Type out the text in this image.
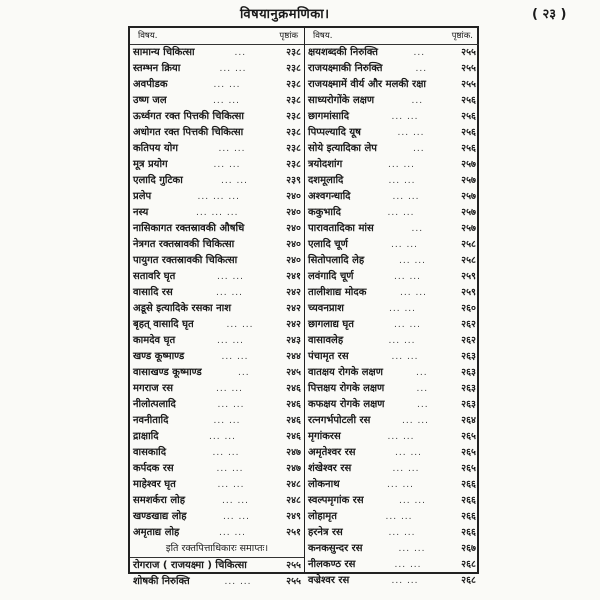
विषयानुक्रमणिका।	( २३ )
विषय.	पृष्ठांक
सामान्य चिकित्सा	...	२३८
स्तम्भन क्रिया	... ...	२३८
अवपीडक	... ...	२३८
उष्ण जल	... ...	२३८
ऊर्ध्वगत रक्त पित्तकी चिकित्सा	२३८
अधोगत रक्त पित्तकी चिकित्सा	२३८
कतिपय योग	... ...	२३८
मूत्र प्रयोग	... ...	२३८
एलादि गुटिका	... ...	२३९
प्रलेप	... ... ...	२४०
नस्य	... ... ...	२४०
नासिकागत रक्तस्रावकी औषधि	२४०
नेत्रगत रक्तस्रावकी चिकित्सा	२४०
पायुगत रक्तस्रावकी चिकित्सा	२४०
सतावरि घृत	... ...	२४१
वासादि रस	... ...	२४२
अडूसे इत्यादिके रसका नाश	२४२
बृहत् वासादि घृत	... ...	२४२
कामदेव घृत	... ...	२४३
खण्ड कूष्माण्ड	... ...	२४४
वासाखण्ड कूष्माण्ड	...	२४५
मगराज रस	... ...	२४६
नीलोत्पलादि	... ...	२४६
नवनीतादि	... ...	२४६
द्राक्षादि	... ...	२४६
वासकादि	... ...	२४७
कर्पदक रस	... ...	२४७
माहेश्वर घृत	... ...	२४८
समशर्करा लोह	... ...	२४८
खण्डखाद्य लोह	... ...	२४९
अमृताद्य लोह	... ...	२५१
इति रक्तपित्ताधिकारः समाप्तः।
रोगराज ( राजयक्ष्मा ) चिकित्सा	२५५
शोषकी निरुक्ति	... ...	२५५
विषय.	पृष्ठांक.
क्षयशब्दकी निरुक्ति	...	२५५
राजयक्ष्माकी निरुक्ति	...	२५५
राजयक्ष्मामें वीर्य और मलकी रक्षा	२५५
साध्यरोगोंके लक्षण	...	२५६
छागमांसादि	... ...	२५६
पिप्पल्यादि यूष	... ...	२५६
सोये इत्यादिका लेप	...	२५६
त्रयोदशांग	... ...	२५७
दशमूलादि	... ...	२५७
अश्वगन्धादि	... ...	२५७
ककुभादि	... ...	२५७
पारावतादिका मांस	...	२५७
एलादि चूर्ण	... ...	२५८
सितोपलादि लेह	... ...	२५८
लवंगादि चूर्ण	... ...	२५९
तालीशाद्य मोदक	... ...	२५९
च्यवनप्राश	... ...	२६०
छागलाद्य घृत	... ...	२६२
वासावलेह	... ...	२६२
पंचामृत रस	... ...	२६३
वातक्षय रोगके लक्षण	...	२६३
पित्तक्षय रोगके लक्षण	...	२६३
कफक्षय रोगके लक्षण	...	२६३
रत्नगर्भपोटली रस	... ...	२६४
मृगांकरस	... ...	२६५
अमृतेश्वर रस	... ...	२६५
शंखेश्वर रस	... ...	२६५
लोकनाथ	... ...	२६६
स्वल्पमृगांक रस	... ...	२६६
लोहामृत	... ...	२६६
हरनेत्र रस	... ...	२६६
कनकसुन्दर रस	... ...	२६७
नीलकण्ठ रस	... ...	२६८
वज्रेश्वर रस	... ...	२६८
